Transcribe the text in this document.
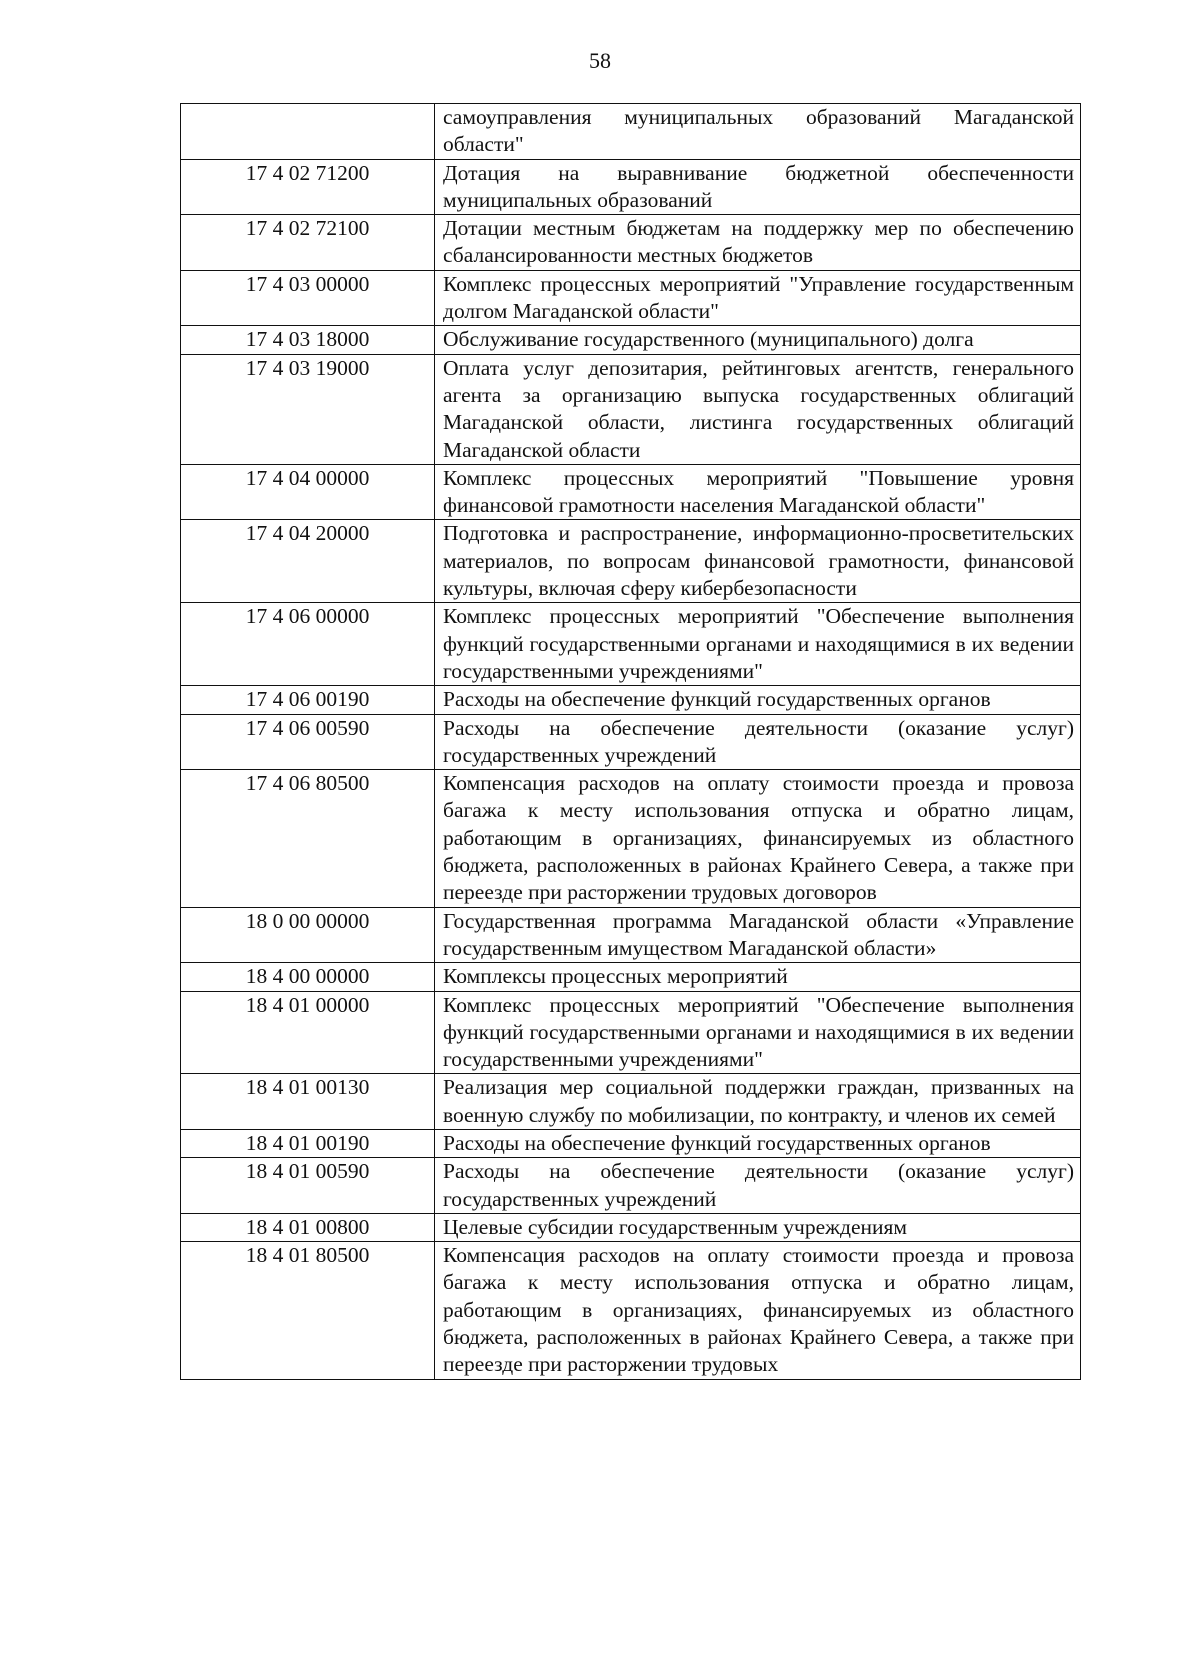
58
	самоуправления муниципальных образований Магаданской области"
17 4 02 71200	Дотация на выравнивание бюджетной обеспеченности муниципальных образований
17 4 02 72100	Дотации местным бюджетам на поддержку мер по обеспечению сбалансированности местных бюджетов
17 4 03 00000	Комплекс процессных мероприятий "Управление государственным долгом Магаданской области"
17 4 03 18000	Обслуживание государственного (муниципального) долга
17 4 03 19000	Оплата услуг депозитария, рейтинговых агентств, генерального агента за организацию выпуска государственных облигаций Магаданской области, листинга государственных облигаций Магаданской области
17 4 04 00000	Комплекс процессных мероприятий "Повышение уровня финансовой грамотности населения Магаданской области"
17 4 04 20000	Подготовка и распространение, информационно-просветительских материалов, по вопросам финансовой грамотности, финансовой культуры, включая сферу кибербезопасности
17 4 06 00000	Комплекс процессных мероприятий "Обеспечение выполнения функций государственными органами и находящимися в их ведении государственными учреждениями"
17 4 06 00190	Расходы на обеспечение функций государственных органов
17 4 06 00590	Расходы на обеспечение деятельности (оказание услуг) государственных учреждений
17 4 06 80500	Компенсация расходов на оплату стоимости проезда и провоза багажа к месту использования отпуска и обратно лицам, работающим в организациях, финансируемых из областного бюджета, расположенных в районах Крайнего Севера, а также при переезде при расторжении трудовых договоров
18 0 00 00000	Государственная программа Магаданской области «Управление государственным имуществом Магаданской области»
18 4 00 00000	Комплексы процессных мероприятий
18 4 01 00000	Комплекс процессных мероприятий "Обеспечение выполнения функций государственными органами и находящимися в их ведении государственными учреждениями"
18 4 01 00130	Реализация мер социальной поддержки граждан, призванных на военную службу по мобилизации, по контракту, и членов их семей
18 4 01 00190	Расходы на обеспечение функций государственных органов
18 4 01 00590	Расходы на обеспечение деятельности (оказание услуг) государственных учреждений
18 4 01 00800	Целевые субсидии государственным учреждениям
18 4 01 80500	Компенсация расходов на оплату стоимости проезда и провоза багажа к месту использования отпуска и обратно лицам, работающим в организациях, финансируемых из областного бюджета, расположенных в районах Крайнего Севера, а также при переезде при расторжении трудовых
